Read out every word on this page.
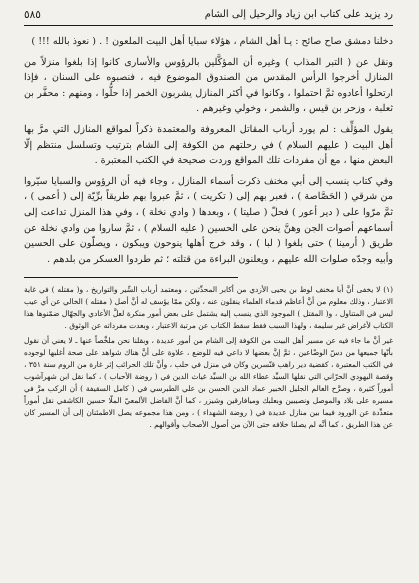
رد يزيد على كتاب ابن زياد والرحيل إلى الشام
٥٨٥

دخلنا دمشق صاح صائح : يـا أهل الشام ، هؤلاء سبايا أهل البيت الملعون ! . ( نعوذ بالله !!! )

ونقل عن ( التبر المذاب ) وغيره أن المؤكَّلين بالرؤوس والأسارى كانوا إذا بلغوا منزلاً من المنازل أخرجوا الرأس المقدس من الصندوق الموضوع فيه ، فنصبوه على السنان ، فإذا ارتحلوا أعادوه ثمَّ احتملوا ، وكانوا في أكثر المنازل يشربون الخمر إذا حلُّوا ، ومنهم : محفَّر بن ثعلبة ، وزحر بن قيس ، والشمر ، وخولي وغيرهم .

يقول المؤلِّف : لم يورد أرباب المقاتل المعروفة والمعتمدة ذكراً لمواقع المنازل التي مرَّ بها أهل البيت ( عليهم السلام ) في رحلتهم من الكوفة إلى الشام بترتيب وتسلسل منتظم إلّا البعض منها ، مع أن مفردات تلك المواقع وردت صحيحة في الكتب المعتبرة .

وفي كتاب ينسب إلى أبي مخنف ذكرت أسماء المنازل ، وجاء فيه أن الرؤوس والسبايا سيّروا من شرقي ( الحَصَّاصة ) ، فعبر بهم إلى ( تكريت ) ، ثمَّ عبروا بهم طريقاً برِّيّة إلى ( أعمى ) ، ثمَّ مرّوا على ( دير أعور ) فحلّ ( صليتا ) ، وبعدها ( وادي نخلة ) ، وفي هذا المنزل تداعت إلى أسماعهم أصوات الجن وهنَّ ينحن على الحسين ( عليه السلام ) ، ثمَّ ساروا من وادي نخلة عن طريق ( أرمينا ) حتى بلغوا ( لبا ) ، وقد خرج أهلها ينوحون ويبكون ، ويصلّون على الحسين وأبيه وجدّه صلوات الله عليهم ، ويعلنون البراءة من قتلته ؛ ثم طردوا العسكر من بلدهم .

(١) لا يخفى أنَّ أبا مخنف لوط بن يحيى الأزدي من أكابر المحدِّثين ، ومعتمد أرباب السِّير والتواريخ ، و( مقتله ) في غاية الاعتبار ، وذلك معلوم من أنَّ أعاظم قدماء العلماء ينقلون عنه ، ولكن ممّا يؤسف له أنَّ أصل ( مقتله ) الخالي عن أي عيب ليس في المتناول ، و( المقتل ) الموجود الذي ينسب إليه يشتمل على بعض أمور منكرة لعلَّ الأعادي والجهّال ضمّنوها هذا الكتاب لأغراض غير سليمة ، ولهذا السبب فقط سقط الكتاب عن مرتبة الاعتبار ، وبعدت مفرداته عن الوثوق .

غير أنَّ ما جاء فيه عن مسير أهل البيت من الكوفة إلى الشام من أمور عديدة ، وبقلنا نحن ملخَّصاً عنها ـ لا يعني أن نقول بأنّها جميعها من دسّ الوضّاعين ، ثمَّ إنَّ بعضها لا داعي فيه للوضع ، علاوة على أنَّ هناك شواهد على صحة أغلبها لوجوده في الكتب المعتبرة ، كقضية دير راهب قنّسرين وكان في منزل في حلب ، وأنَّ تلك الحرائب إثر غارة من الروم سنة ٣٥١ ، وقصة اليهودي الحرّاني التي نقلها السيِّد عطاء الله بن السيِّد غياث الدين في ( روضة الأحباب ) ، كما نقل ابن شهرآشوب أموراً كثيرة ، وصرَّح العالم الجليل الخبير عماد الدين الحسن بن علي الطبرسي في ( كامل السقيفة ) أن الركب مرَّ في مسيره على بلاد والموصل ونصيبين وبعلبك وميافارقين وشيزر ، كما أنَّ الفاضل الألمعيّ الملّا حسين الكاشفي نقل أموراً متعدِّدة عن الورود فيما بين منازل عديدة في ( روضة الشهداء ) ، ومن هذا مجموعه يصل الاطمئنان إلى أن المسير كان عن هذا الطريق ، كما أنَّه لم يصلنا خلافه حتى الآن من أصول الأصحاب وأقوالهم .
